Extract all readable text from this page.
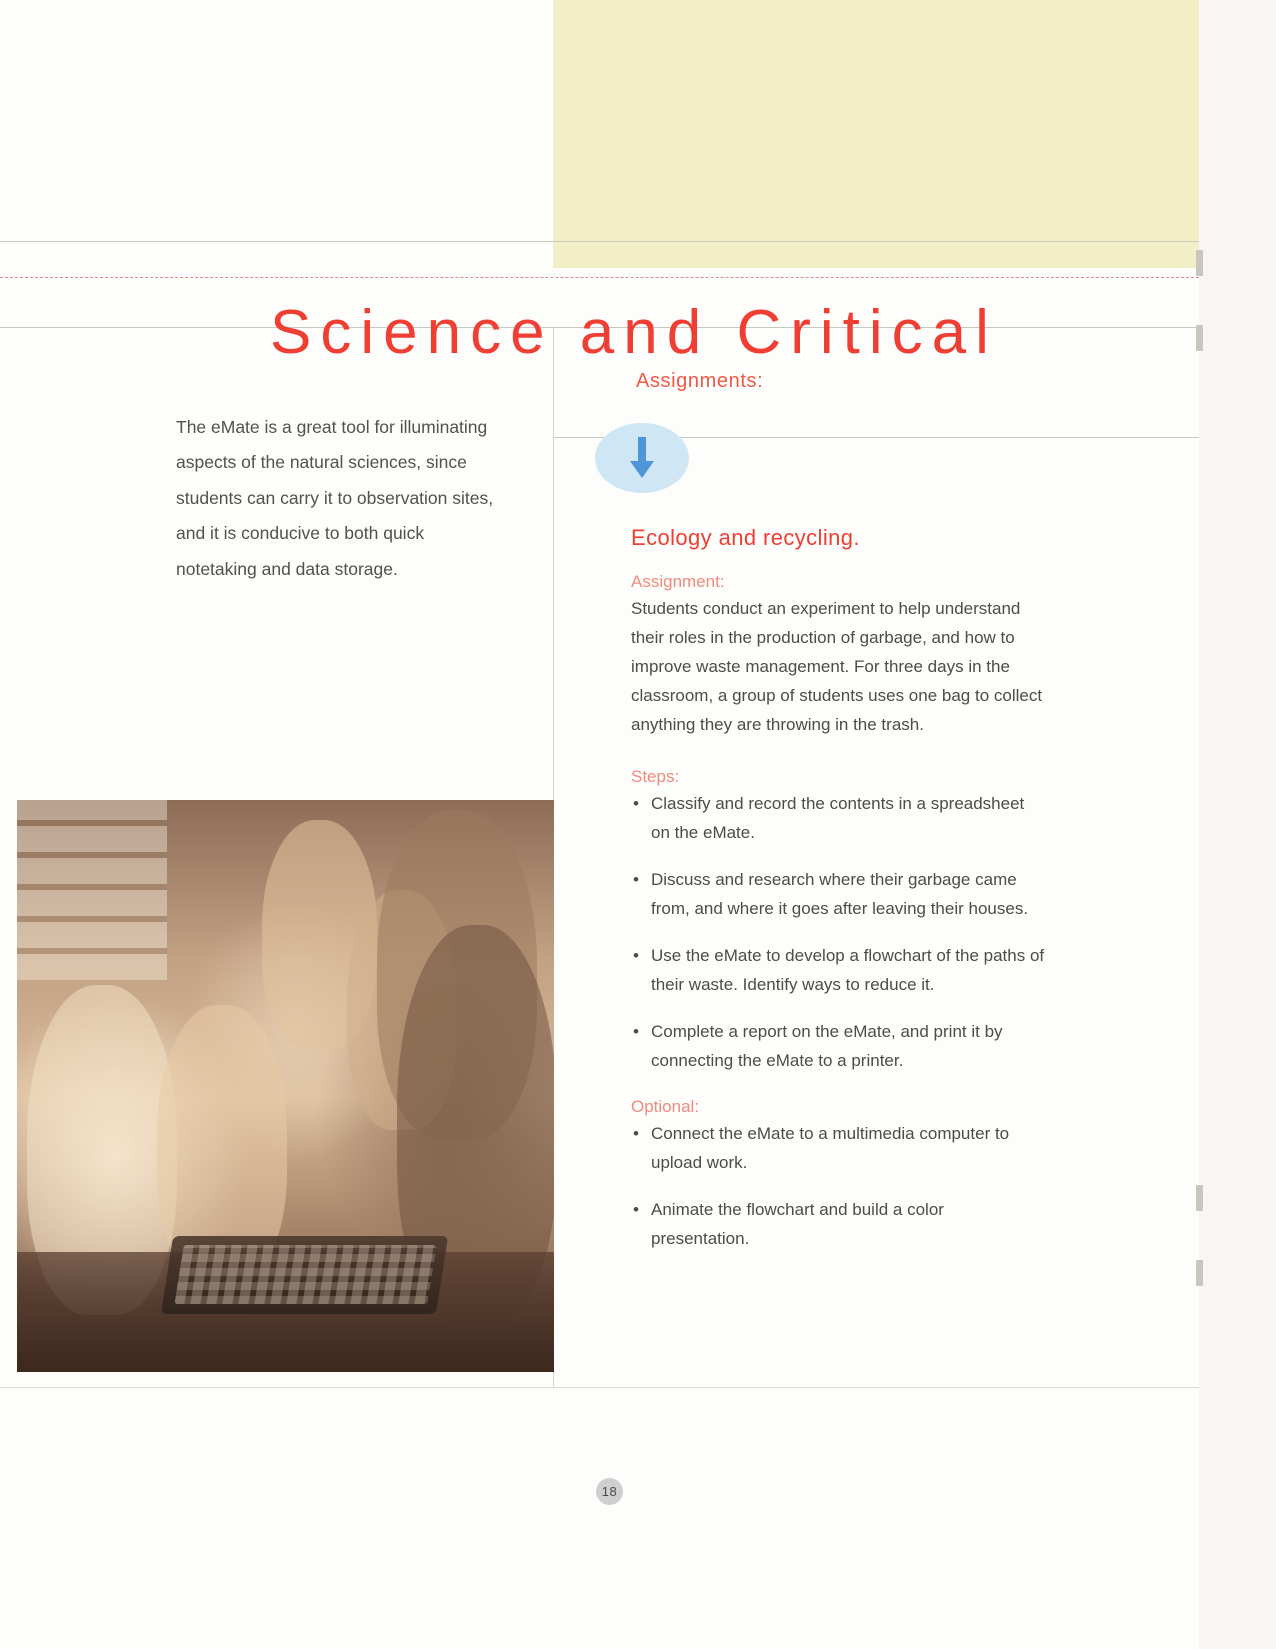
Science and Critical

The eMate is a great tool for illuminating aspects of the natural sciences, since students can carry it to observation sites, and it is conducive to both quick notetaking and data storage.

Assignments:
Ecology and recycling.

Assignment:

Students conduct an experiment to help understand their roles in the production of garbage, and how to improve waste management. For three days in the classroom, a group of students uses one bag to collect anything they are throwing in the trash.

Steps:

• Classify and record the contents in a spreadsheet on the eMate.
• Discuss and research where their garbage came from, and where it goes after leaving their houses.
• Use the eMate to develop a flowchart of the paths of their waste. Identify ways to reduce it.
• Complete a report on the eMate, and print it by connecting the eMate to a printer.

Optional:

• Connect the eMate to a multimedia computer to upload work.
• Animate the flowchart and build a color presentation.
18
